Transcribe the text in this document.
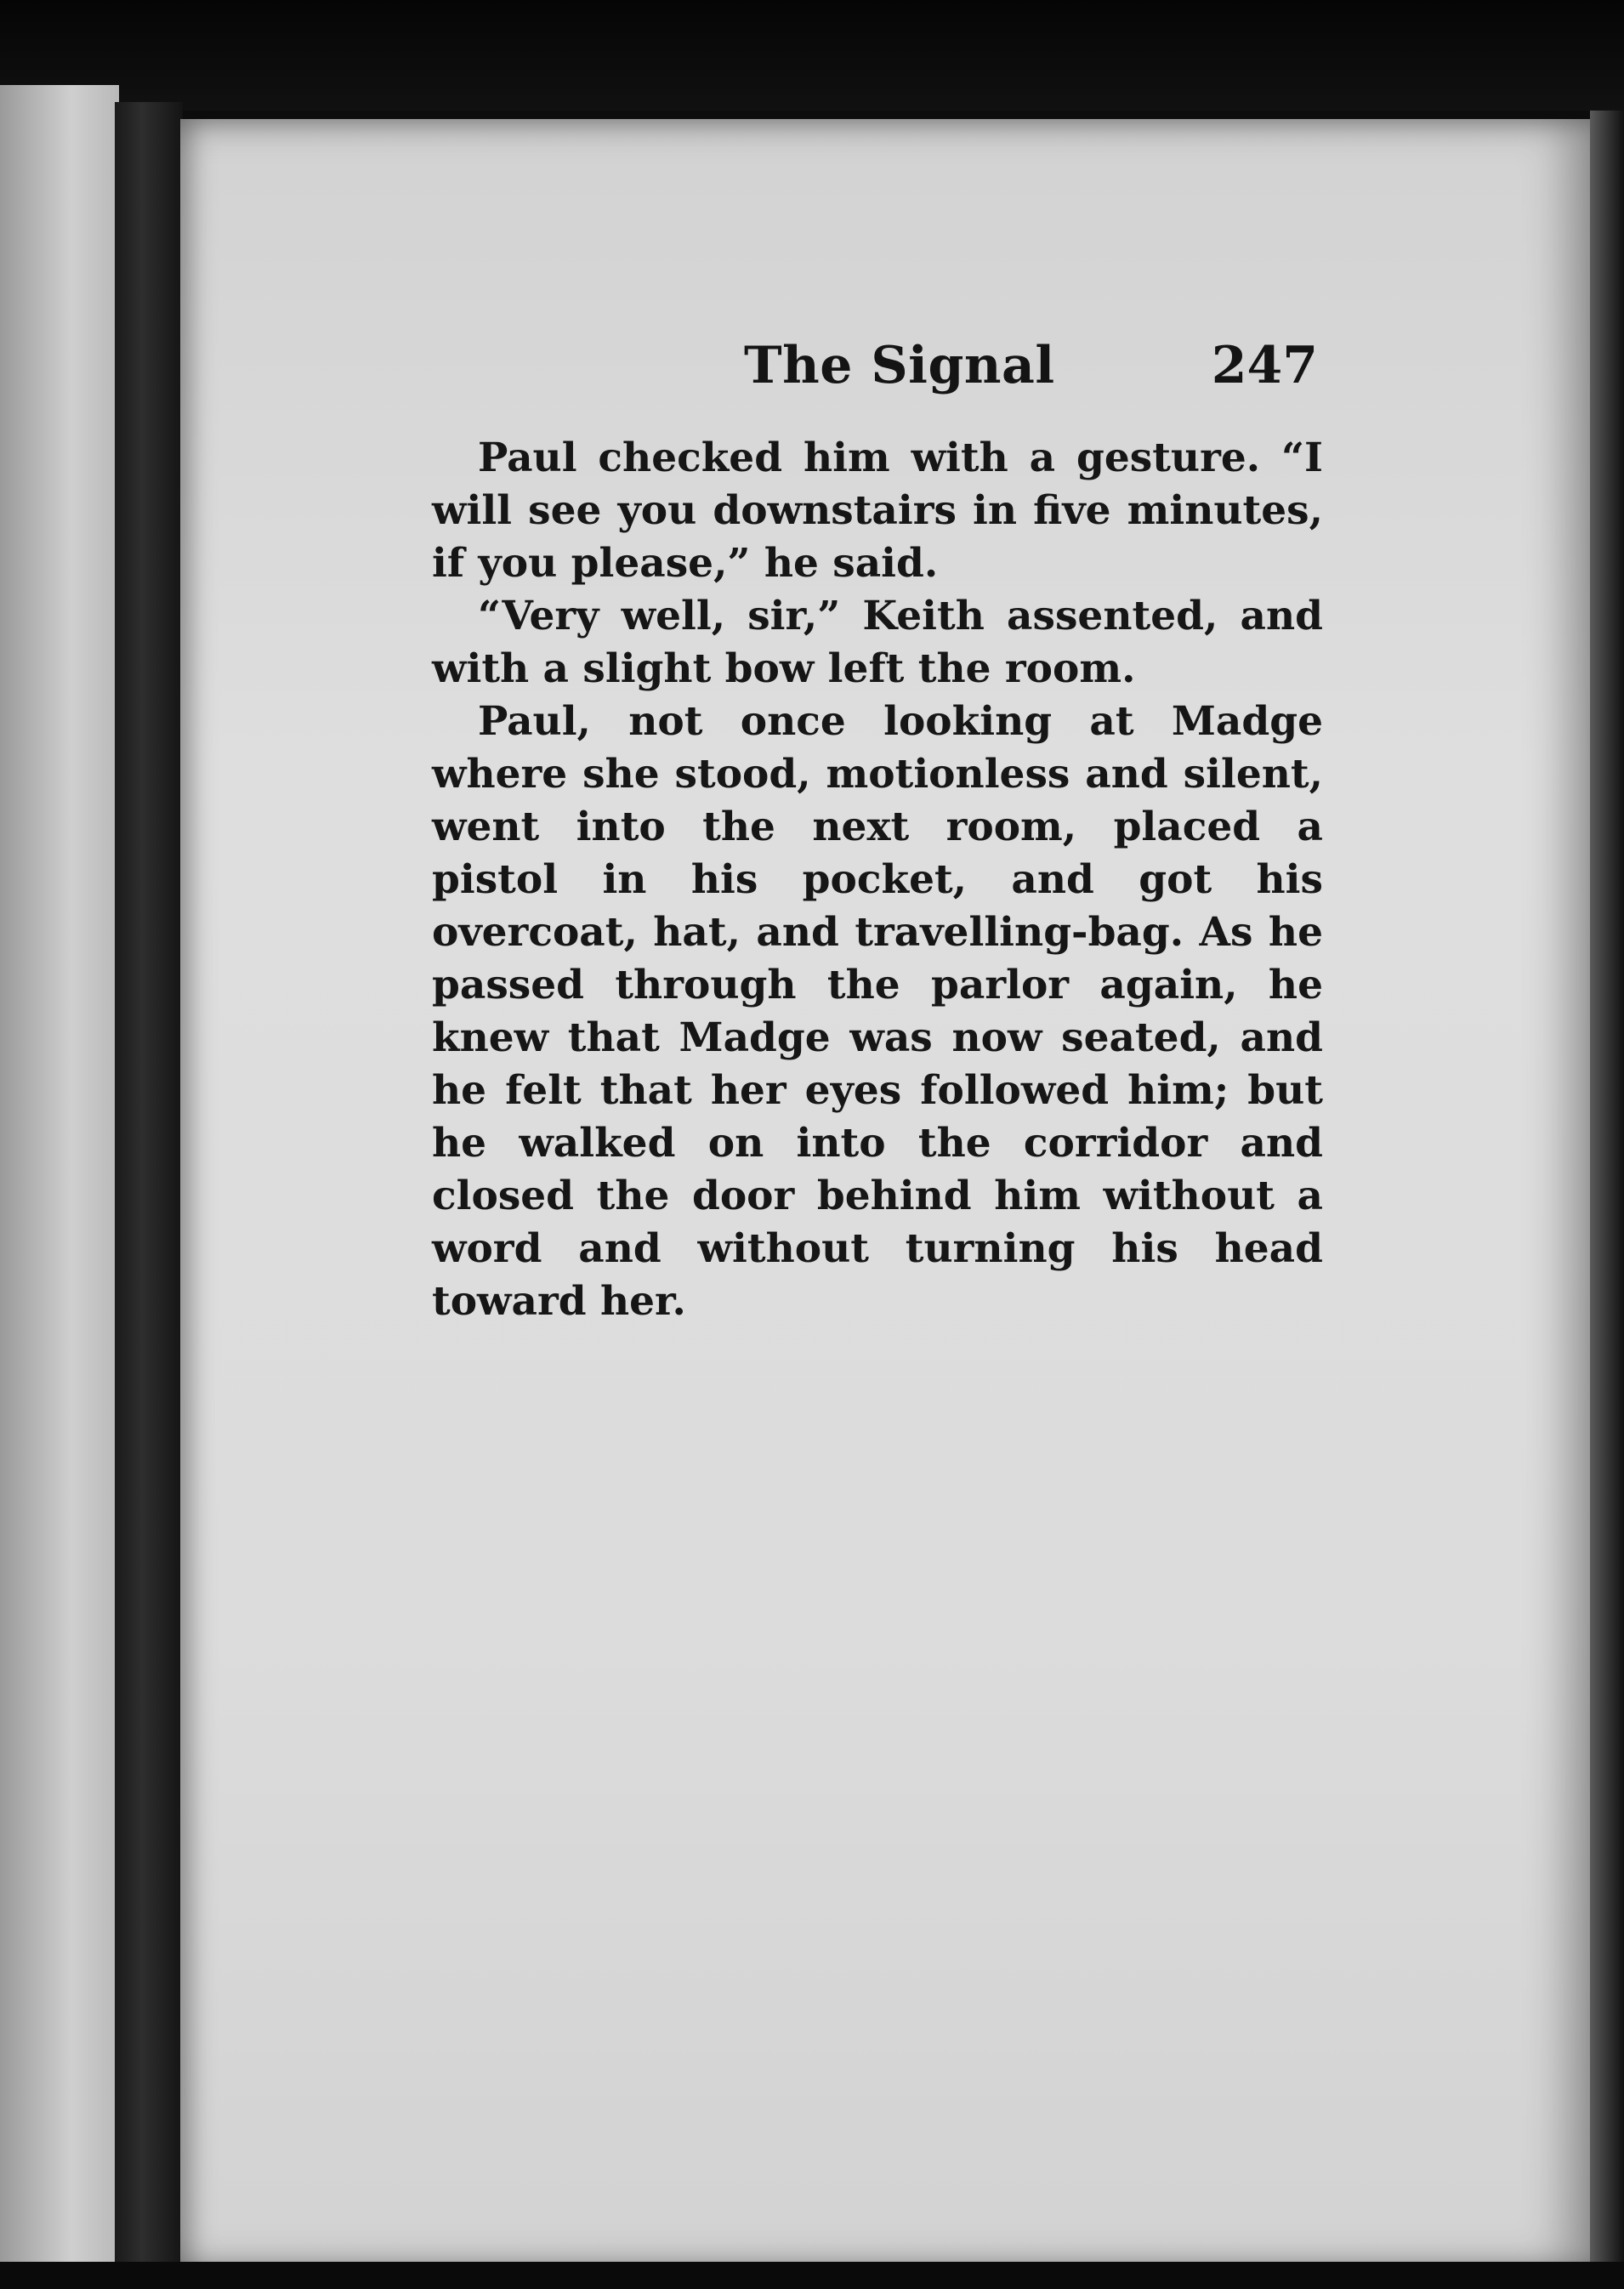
The Signal	247

Paul checked him with a gesture. “I will see you downstairs in five minutes, if you please,” he said.

“Very well, sir,” Keith assented, and with a slight bow left the room.

Paul, not once looking at Madge where she stood, motionless and silent, went into the next room, placed a pistol in his pocket, and got his overcoat, hat, and travelling-bag. As he passed through the parlor again, he knew that Madge was now seated, and he felt that her eyes followed him; but he walked on into the corridor and closed the door behind him without a word and without turning his head toward her.
